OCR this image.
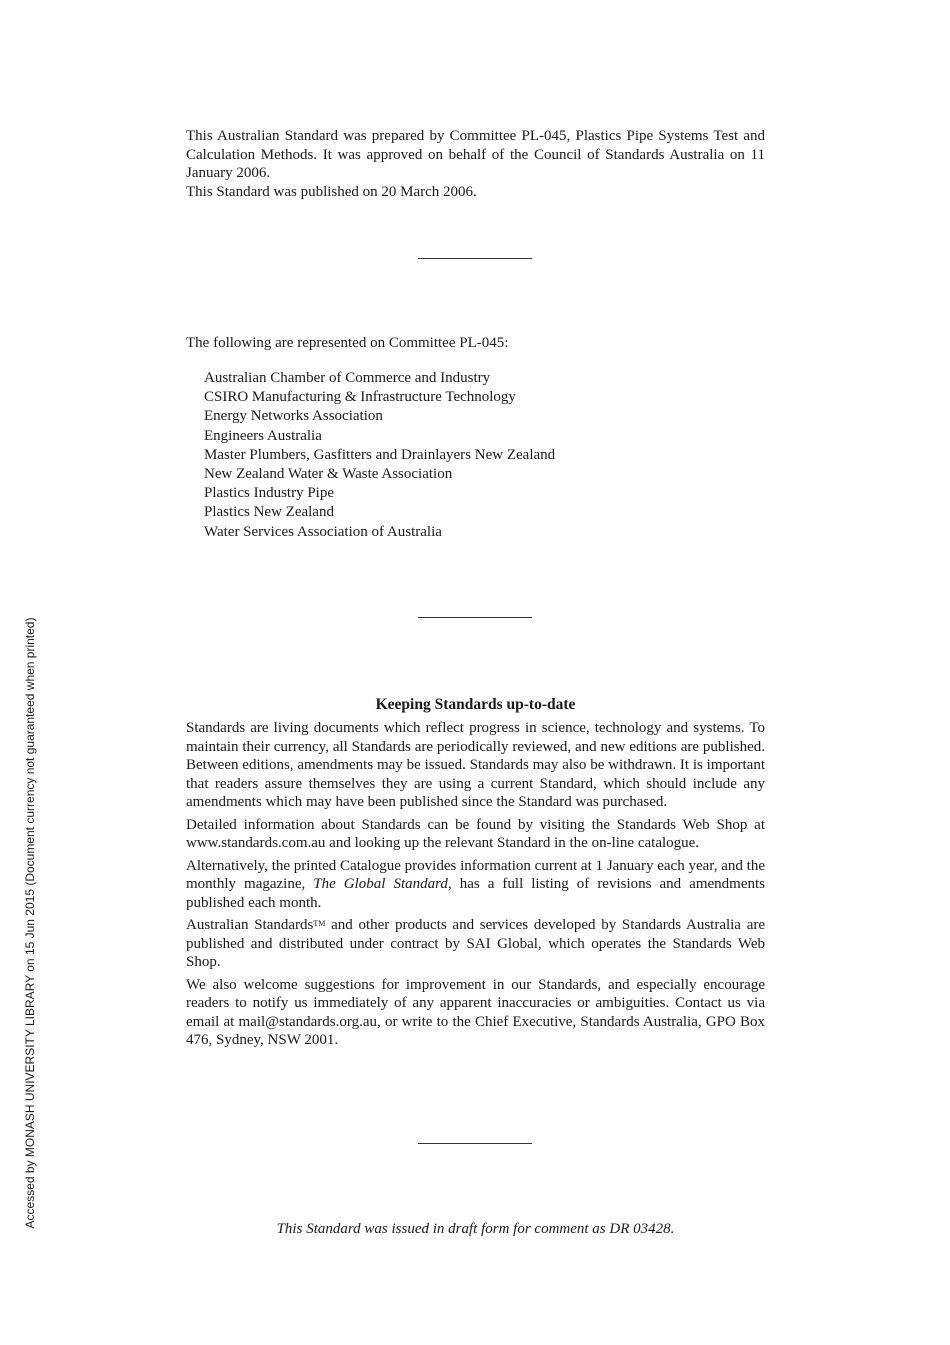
This Australian Standard was prepared by Committee PL-045, Plastics Pipe Systems Test and Calculation Methods. It was approved on behalf of the Council of Standards Australia on 11 January 2006.

This Standard was published on 20 March 2006.

The following are represented on Committee PL-045:

Australian Chamber of Commerce and Industry
CSIRO Manufacturing & Infrastructure Technology
Energy Networks Association
Engineers Australia
Master Plumbers, Gasfitters and Drainlayers New Zealand
New Zealand Water & Waste Association
Plastics Industry Pipe
Plastics New Zealand
Water Services Association of Australia
Keeping Standards up-to-date

Standards are living documents which reflect progress in science, technology and systems. To maintain their currency, all Standards are periodically reviewed, and new editions are published. Between editions, amendments may be issued. Standards may also be withdrawn. It is important that readers assure themselves they are using a current Standard, which should include any amendments which may have been published since the Standard was purchased.

Detailed information about Standards can be found by visiting the Standards Web Shop at www.standards.com.au and looking up the relevant Standard in the on-line catalogue.

Alternatively, the printed Catalogue provides information current at 1 January each year, and the monthly magazine, The Global Standard, has a full listing of revisions and amendments published each month.

Australian Standards™ and other products and services developed by Standards Australia are published and distributed under contract by SAI Global, which operates the Standards Web Shop.

We also welcome suggestions for improvement in our Standards, and especially encourage readers to notify us immediately of any apparent inaccuracies or ambiguities. Contact us via email at mail@standards.org.au, or write to the Chief Executive, Standards Australia, GPO Box 476, Sydney, NSW 2001.

This Standard was issued in draft form for comment as DR 03428.

Accessed by MONASH UNIVERSITY LIBRARY on 15 Jun 2015 (Document currency not guaranteed when printed)
